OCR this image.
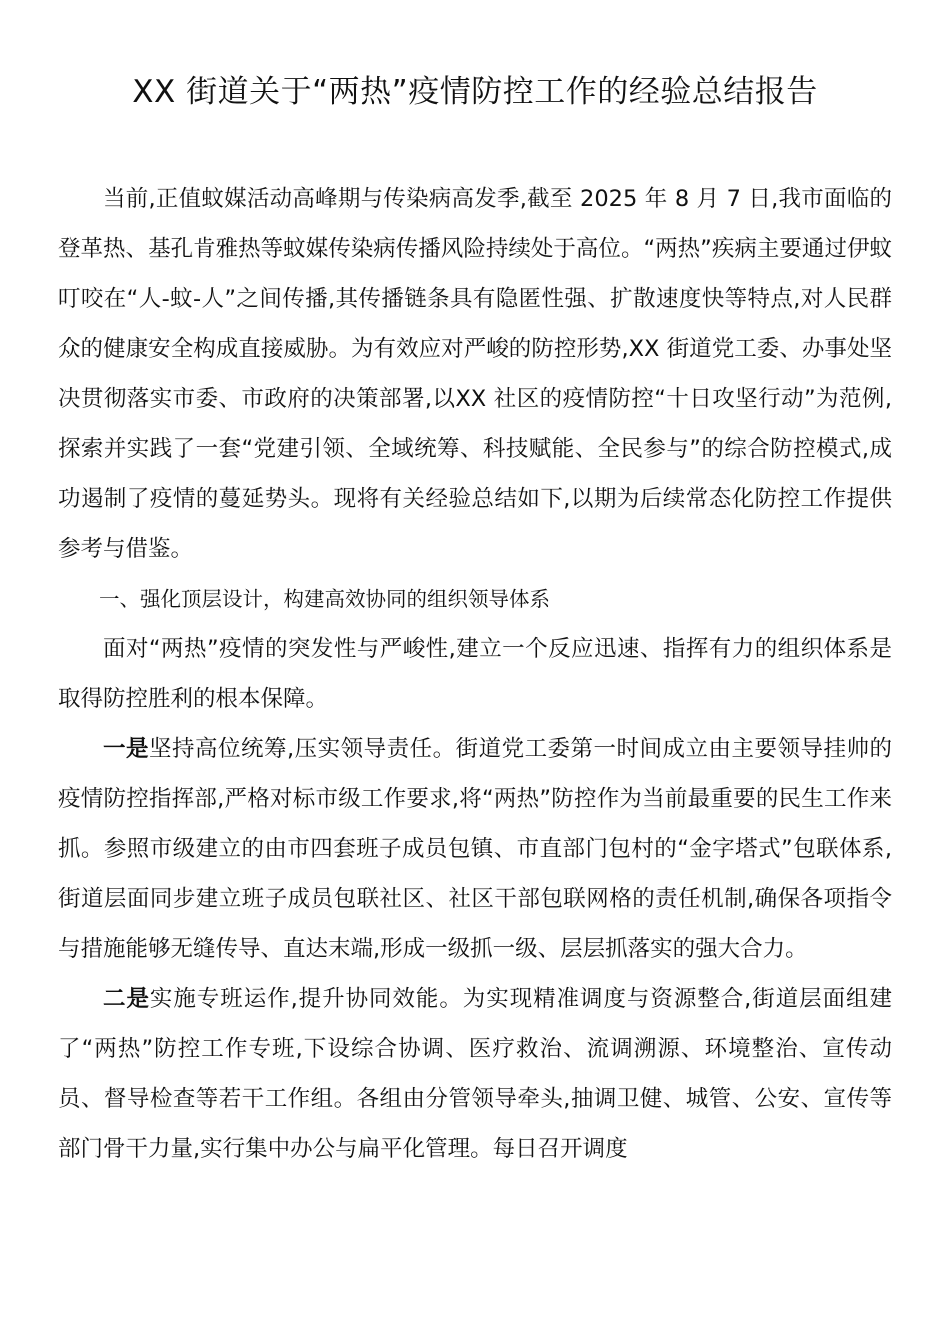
XX 街道关于“两热”疫情防控工作的经验总结报告

当前,正值蚊媒活动高峰期与传染病高发季,截至 2025 年 8 月 7 日,我市面临的登革热、基孔肯雅热等蚊媒传染病传播风险持续处于高位。“两热”疾病主要通过伊蚊叮咬在“人-蚊-人”之间传播,其传播链条具有隐匿性强、扩散速度快等特点,对人民群众的健康安全构成直接威胁。为有效应对严峻的防控形势,XX 街道党工委、办事处坚决贯彻落实市委、市政府的决策部署,以XX 社区的疫情防控“十日攻坚行动”为范例,探索并实践了一套“党建引领、全域统筹、科技赋能、全民参与”的综合防控模式,成功遏制了疫情的蔓延势头。现将有关经验总结如下,以期为后续常态化防控工作提供参考与借鉴。

一、强化顶层设计，构建高效协同的组织领导体系

面对“两热”疫情的突发性与严峻性,建立一个反应迅速、指挥有力的组织体系是取得防控胜利的根本保障。

一是坚持高位统筹,压实领导责任。街道党工委第一时间成立由主要领导挂帅的疫情防控指挥部,严格对标市级工作要求,将“两热”防控作为当前最重要的民生工作来抓。参照市级建立的由市四套班子成员包镇、市直部门包村的“金字塔式”包联体系,街道层面同步建立班子成员包联社区、社区干部包联网格的责任机制,确保各项指令与措施能够无缝传导、直达末端,形成一级抓一级、层层抓落实的强大合力。

二是实施专班运作,提升协同效能。为实现精准调度与资源整合,街道层面组建了“两热”防控工作专班,下设综合协调、医疗救治、流调溯源、环境整治、宣传动员、督导检查等若干工作组。各组由分管领导牵头,抽调卫健、城管、公安、宣传等部门骨干力量,实行集中办公与扁平化管理。每日召开调度
